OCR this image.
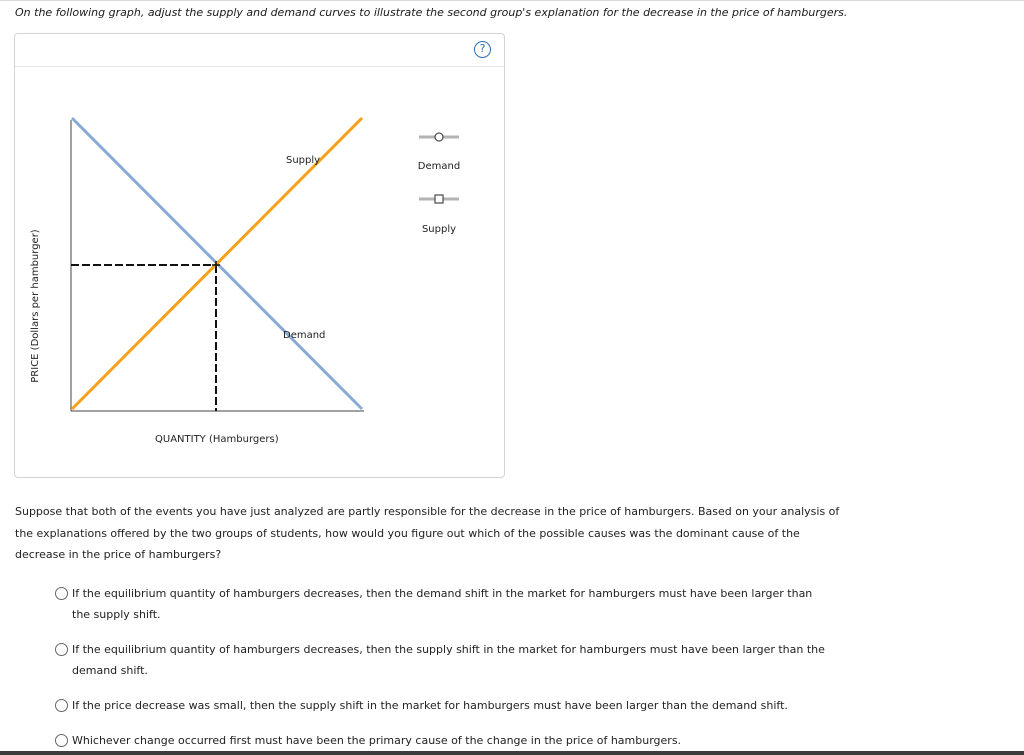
On the following graph, adjust the supply and demand curves to illustrate the second group's explanation for the decrease in the price of hamburgers.
?
PRICE (Dollars per hamburger)
QUANTITY (Hamburgers)
Supply
Demand
Demand
Supply
Suppose that both of the events you have just analyzed are partly responsible for the decrease in the price of hamburgers. Based on your analysis of the explanations offered by the two groups of students, how would you figure out which of the possible causes was the dominant cause of the decrease in the price of hamburgers?
If the equilibrium quantity of hamburgers decreases, then the demand shift in the market for hamburgers must have been larger than the supply shift.
If the equilibrium quantity of hamburgers decreases, then the supply shift in the market for hamburgers must have been larger than the demand shift.
If the price decrease was small, then the supply shift in the market for hamburgers must have been larger than the demand shift.
Whichever change occurred first must have been the primary cause of the change in the price of hamburgers.
